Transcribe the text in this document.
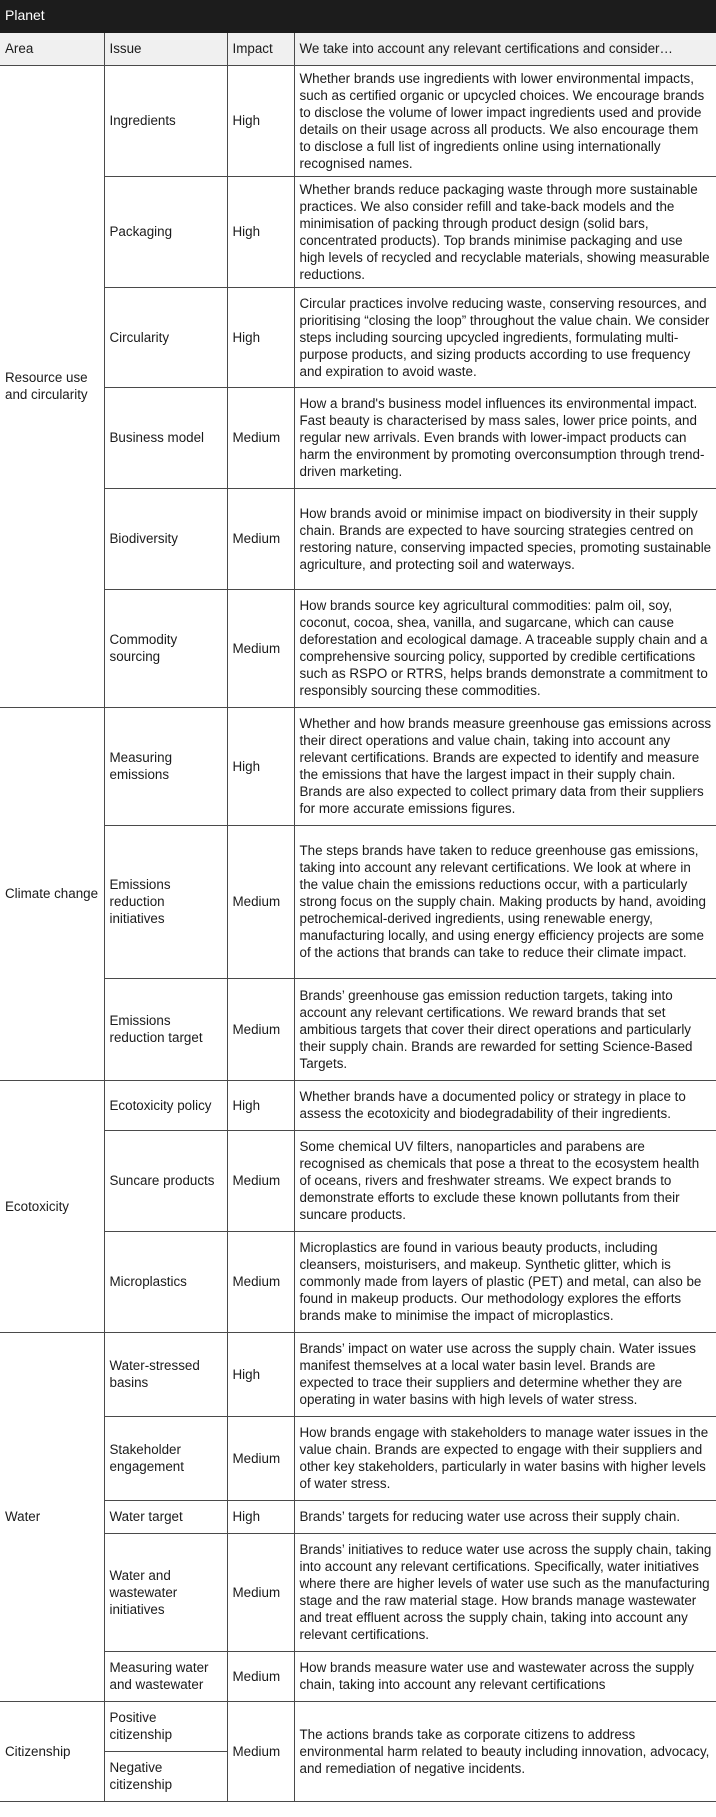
Planet
Area	Issue	Impact	We take into account any relevant certifications and consider…
Resource use and circularity	Ingredients	High	Whether brands use ingredients with lower environmental impacts, such as certified organic or upcycled choices. We encourage brands to disclose the volume of lower impact ingredients used and provide details on their usage across all products. We also encourage them to disclose a full list of ingredients online using internationally recognised names.
	Packaging	High	Whether brands reduce packaging waste through more sustainable practices. We also consider refill and take-back models and the minimisation of packing through product design (solid bars, concentrated products). Top brands minimise packaging and use high levels of recycled and recyclable materials, showing measurable reductions.
	Circularity	High	Circular practices involve reducing waste, conserving resources, and prioritising “closing the loop” throughout the value chain. We consider steps including sourcing upcycled ingredients, formulating multi-purpose products, and sizing products according to use frequency and expiration to avoid waste.
	Business model	Medium	How a brand's business model influences its environmental impact. Fast beauty is characterised by mass sales, lower price points, and regular new arrivals. Even brands with lower-impact products can harm the environment by promoting overconsumption through trend-driven marketing.
	Biodiversity	Medium	How brands avoid or minimise impact on biodiversity in their supply chain. Brands are expected to have sourcing strategies centred on restoring nature, conserving impacted species, promoting sustainable agriculture, and protecting soil and waterways.
	Commodity sourcing	Medium	How brands source key agricultural commodities: palm oil, soy, coconut, cocoa, shea, vanilla, and sugarcane, which can cause deforestation and ecological damage. A traceable supply chain and a comprehensive sourcing policy, supported by credible certifications such as RSPO or RTRS, helps brands demonstrate a commitment to responsibly sourcing these commodities.
Climate change	Measuring emissions	High	Whether and how brands measure greenhouse gas emissions across their direct operations and value chain, taking into account any relevant certifications. Brands are expected to identify and measure the emissions that have the largest impact in their supply chain. Brands are also expected to collect primary data from their suppliers for more accurate emissions figures.
	Emissions reduction initiatives	Medium	The steps brands have taken to reduce greenhouse gas emissions, taking into account any relevant certifications. We look at where in the value chain the emissions reductions occur, with a particularly strong focus on the supply chain. Making products by hand, avoiding petrochemical-derived ingredients, using renewable energy, manufacturing locally, and using energy efficiency projects are some of the actions that brands can take to reduce their climate impact.
	Emissions reduction target	Medium	Brands’ greenhouse gas emission reduction targets, taking into account any relevant certifications. We reward brands that set ambitious targets that cover their direct operations and particularly their supply chain. Brands are rewarded for setting Science-Based Targets.
Ecotoxicity	Ecotoxicity policy	High	Whether brands have a documented policy or strategy in place to assess the ecotoxicity and biodegradability of their ingredients.
	Suncare products	Medium	Some chemical UV filters, nanoparticles and parabens are recognised as chemicals that pose a threat to the ecosystem health of oceans, rivers and freshwater streams. We expect brands to demonstrate efforts to exclude these known pollutants from their suncare products.
	Microplastics	Medium	Microplastics are found in various beauty products, including cleansers, moisturisers, and makeup. Synthetic glitter, which is commonly made from layers of plastic (PET) and metal, can also be found in makeup products. Our methodology explores the efforts brands make to minimise the impact of microplastics.
Water	Water-stressed basins	High	Brands’ impact on water use across the supply chain. Water issues manifest themselves at a local water basin level. Brands are expected to trace their suppliers and determine whether they are operating in water basins with high levels of water stress.
	Stakeholder engagement	Medium	How brands engage with stakeholders to manage water issues in the value chain. Brands are expected to engage with their suppliers and other key stakeholders, particularly in water basins with higher levels of water stress.
	Water target	High	Brands’ targets for reducing water use across their supply chain.
	Water and wastewater initiatives	Medium	Brands’ initiatives to reduce water use across the supply chain, taking into account any relevant certifications. Specifically, water initiatives where there are higher levels of water use such as the manufacturing stage and the raw material stage. How brands manage wastewater and treat effluent across the supply chain, taking into account any relevant certifications.
	Measuring water and wastewater	Medium	How brands measure water use and wastewater across the supply chain, taking into account any relevant certifications
Citizenship	Positive citizenship	Medium	The actions brands take as corporate citizens to address environmental harm related to beauty including innovation, advocacy, and remediation of negative incidents.
	Negative citizenship		
